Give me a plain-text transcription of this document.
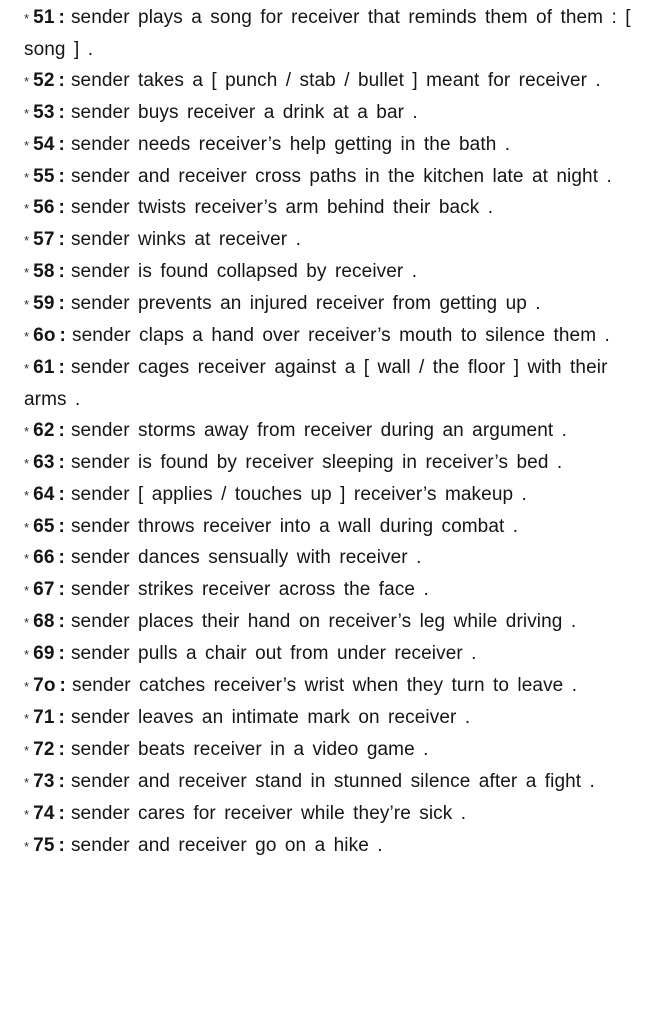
* 51 : sender plays a song for receiver that reminds them of them : [ song ] .

* 52 : sender takes a [ punch / stab / bullet ] meant for receiver .

* 53 : sender buys receiver a drink at a bar .

* 54 : sender needs receiver’s help getting in the bath .

* 55 : sender and receiver cross paths in the kitchen late at night .

* 56 : sender twists receiver’s arm behind their back .

* 57 : sender winks at receiver .

* 58 : sender is found collapsed by receiver .

* 59 : sender prevents an injured receiver from getting up .

* 6o : sender claps a hand over receiver’s mouth to silence them .

* 61 : sender cages receiver against a [ wall / the floor ] with their arms .

* 62 : sender storms away from receiver during an argument .

* 63 : sender is found by receiver sleeping in receiver’s bed .

* 64 : sender [ applies / touches up ] receiver’s makeup .

* 65 : sender throws receiver into a wall during combat .

* 66 : sender dances sensually with receiver .

* 67 : sender strikes receiver across the face .

* 68 : sender places their hand on receiver’s leg while driving .

* 69 : sender pulls a chair out from under receiver .

* 7o : sender catches receiver’s wrist when they turn to leave .

* 71 : sender leaves an intimate mark on receiver .

* 72 : sender beats receiver in a video game .

* 73 : sender and receiver stand in stunned silence after a fight .

* 74 : sender cares for receiver while they’re sick .

* 75 : sender and receiver go on a hike .
